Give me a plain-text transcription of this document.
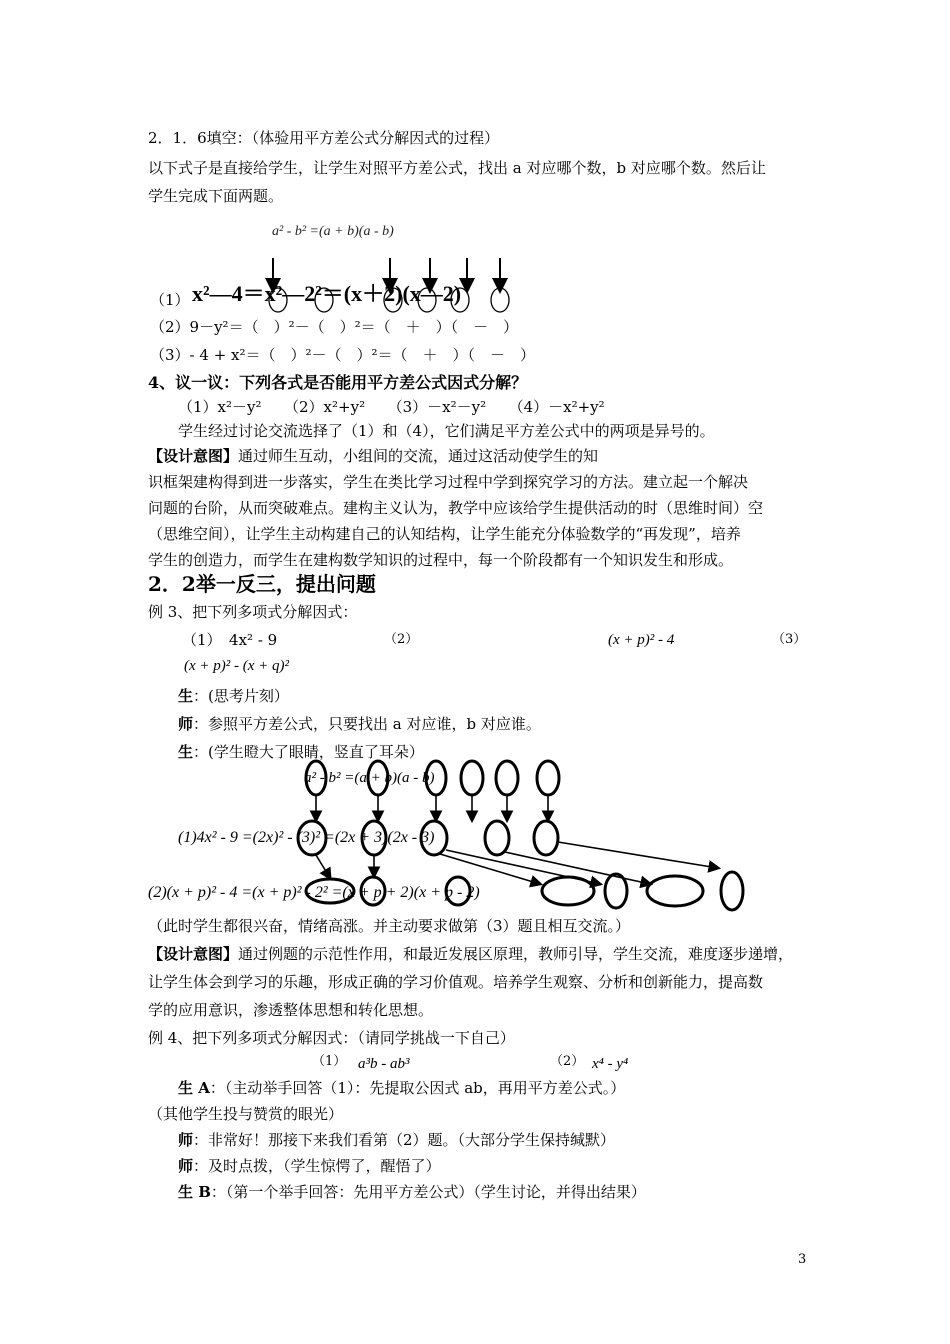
2．1．6填空：（体验用平方差公式分解因式的过程）
以下式子是直接给学生，让学生对照平方差公式，找出 a 对应哪个数，b 对应哪个数。然后让
学生完成下面两题。
a² - b² =(a + b)(a - b)
（1） x²—4＝x²—2²＝(x＋2)(x—2)
（2）9－y²＝（　）²－（　）²＝（　＋　）（　－　）
（3）- 4 + x²＝（　）²－（　）²＝（　＋　）（　－　）
4、议一议：下列各式是否能用平方差公式因式分解？
（1）x²－y²　　（2）x²+y²　　（3）－x²－y²　　（4）－x²+y²
学生经过讨论交流选择了（1）和（4），它们满足平方差公式中的两项是异号的。
【设计意图】通过师生互动，小组间的交流，通过这活动使学生的知
识框架建构得到进一步落实，学生在类比学习过程中学到探究学习的方法。建立起一个解决
问题的台阶，从而突破难点。建构主义认为，教学中应该给学生提供活动的时（思维时间）空
（思维空间），让学生主动构建自己的认知结构，让学生能充分体验数学的“再发现”，培养
学生的创造力，而学生在建构数学知识的过程中，每一个阶段都有一个知识发生和形成。
2．2举一反三，提出问题
例 3、把下列多项式分解因式：
（1）　4x² - 9	（2）	(x + p)² - 4	（3）
(x + p)² - (x + q)²
生：(思考片刻）
师：参照平方差公式，只要找出 a 对应谁，b 对应谁。
生：(学生瞪大了眼睛，竖直了耳朵）
a² - b² =(a + b)(a - b)
(1)4x² - 9 =(2x)² - (3)² =(2x + 3)(2x - 3)
(2)(x + p)² - 4 =(x + p)² - 2² =(x + p + 2)(x + p - 2)
（此时学生都很兴奋，情绪高涨。并主动要求做第（3）题且相互交流。）
【设计意图】通过例题的示范性作用，和最近发展区原理，教师引导，学生交流，难度逐步递增，
让学生体会到学习的乐趣，形成正确的学习价值观。培养学生观察、分析和创新能力，提高数
学的应用意识，渗透整体思想和转化思想。
例 4、把下列多项式分解因式：（请同学挑战一下自己）
（1） a³b - ab³	（2） x⁴ - y⁴
生 A：（主动举手回答（1）：先提取公因式 ab，再用平方差公式。）
（其他学生投与赞赏的眼光）
师：非常好！那接下来我们看第（2）题。（大部分学生保持缄默）
师：及时点拨，（学生惊愕了，醒悟了）
生 B：（第一个举手回答：先用平方差公式）（学生讨论，并得出结果）
3
